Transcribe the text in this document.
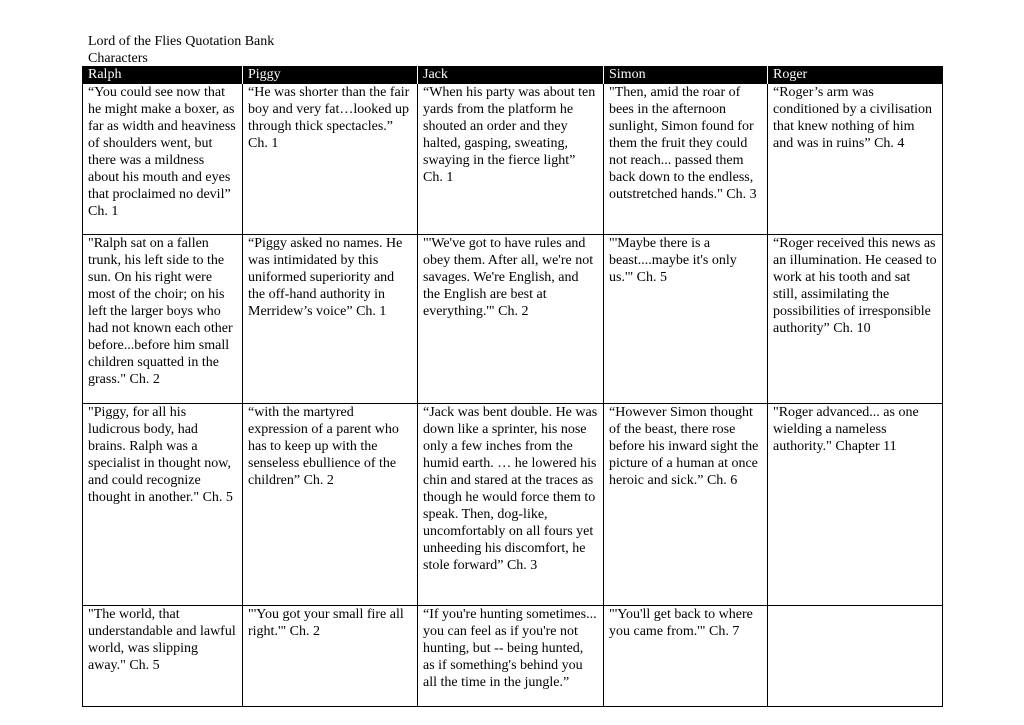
Lord of the Flies Quotation Bank
Characters
Ralph	Piggy	Jack	Simon	Roger

“You could see now that he might make a boxer, as far as width and heaviness of shoulders went, but there was a mildness about his mouth and eyes that proclaimed no devil” Ch. 1	“He was shorter than the fair boy and very fat…looked up through thick spectacles.” Ch. 1	“When his party was about ten yards from the platform he shouted an order and they halted, gasping, sweating, swaying in the fierce light” Ch. 1	"Then, amid the roar of bees in the afternoon sunlight, Simon found for them the fruit they could not reach... passed them back down to the endless, outstretched hands." Ch. 3	“Roger’s arm was conditioned by a civilisation that knew nothing of him and was in ruins” Ch. 4

"Ralph sat on a fallen trunk, his left side to the sun. On his right were most of the choir; on his left the larger boys who had not known each other before...before him small children squatted in the grass." Ch. 2	“Piggy asked no names. He was intimidated by this uniformed superiority and the off-hand authority in Merridew’s voice” Ch. 1	"'We've got to have rules and obey them. After all, we're not savages. We're English, and the English are best at everything.'" Ch. 2	"'Maybe there is a beast....maybe it's only us.'" Ch. 5	“Roger received this news as an illumination. He ceased to work at his tooth and sat still, assimilating the possibilities of irresponsible authority” Ch. 10

"Piggy, for all his ludicrous body, had brains. Ralph was a specialist in thought now, and could recognize thought in another." Ch. 5	“with the martyred expression of a parent who has to keep up with the senseless ebullience of the children” Ch. 2	“Jack was bent double. He was down like a sprinter, his nose only a few inches from the humid earth. … he lowered his chin and stared at the traces as though he would force them to speak. Then, dog-like, uncomfortably on all fours yet unheeding his discomfort, he stole forward” Ch. 3	“However Simon thought of the beast, there rose before his inward sight the picture of a human at once heroic and sick.” Ch. 6	"Roger advanced... as one wielding a nameless authority." Chapter 11

"The world, that understandable and lawful world, was slipping away." Ch. 5	"'You got your small fire all right.'" Ch. 2	“If you're hunting sometimes... you can feel as if you're not hunting, but -- being hunted, as if something's behind you all the time in the jungle.”	"'You'll get back to where you came from.'" Ch. 7	
